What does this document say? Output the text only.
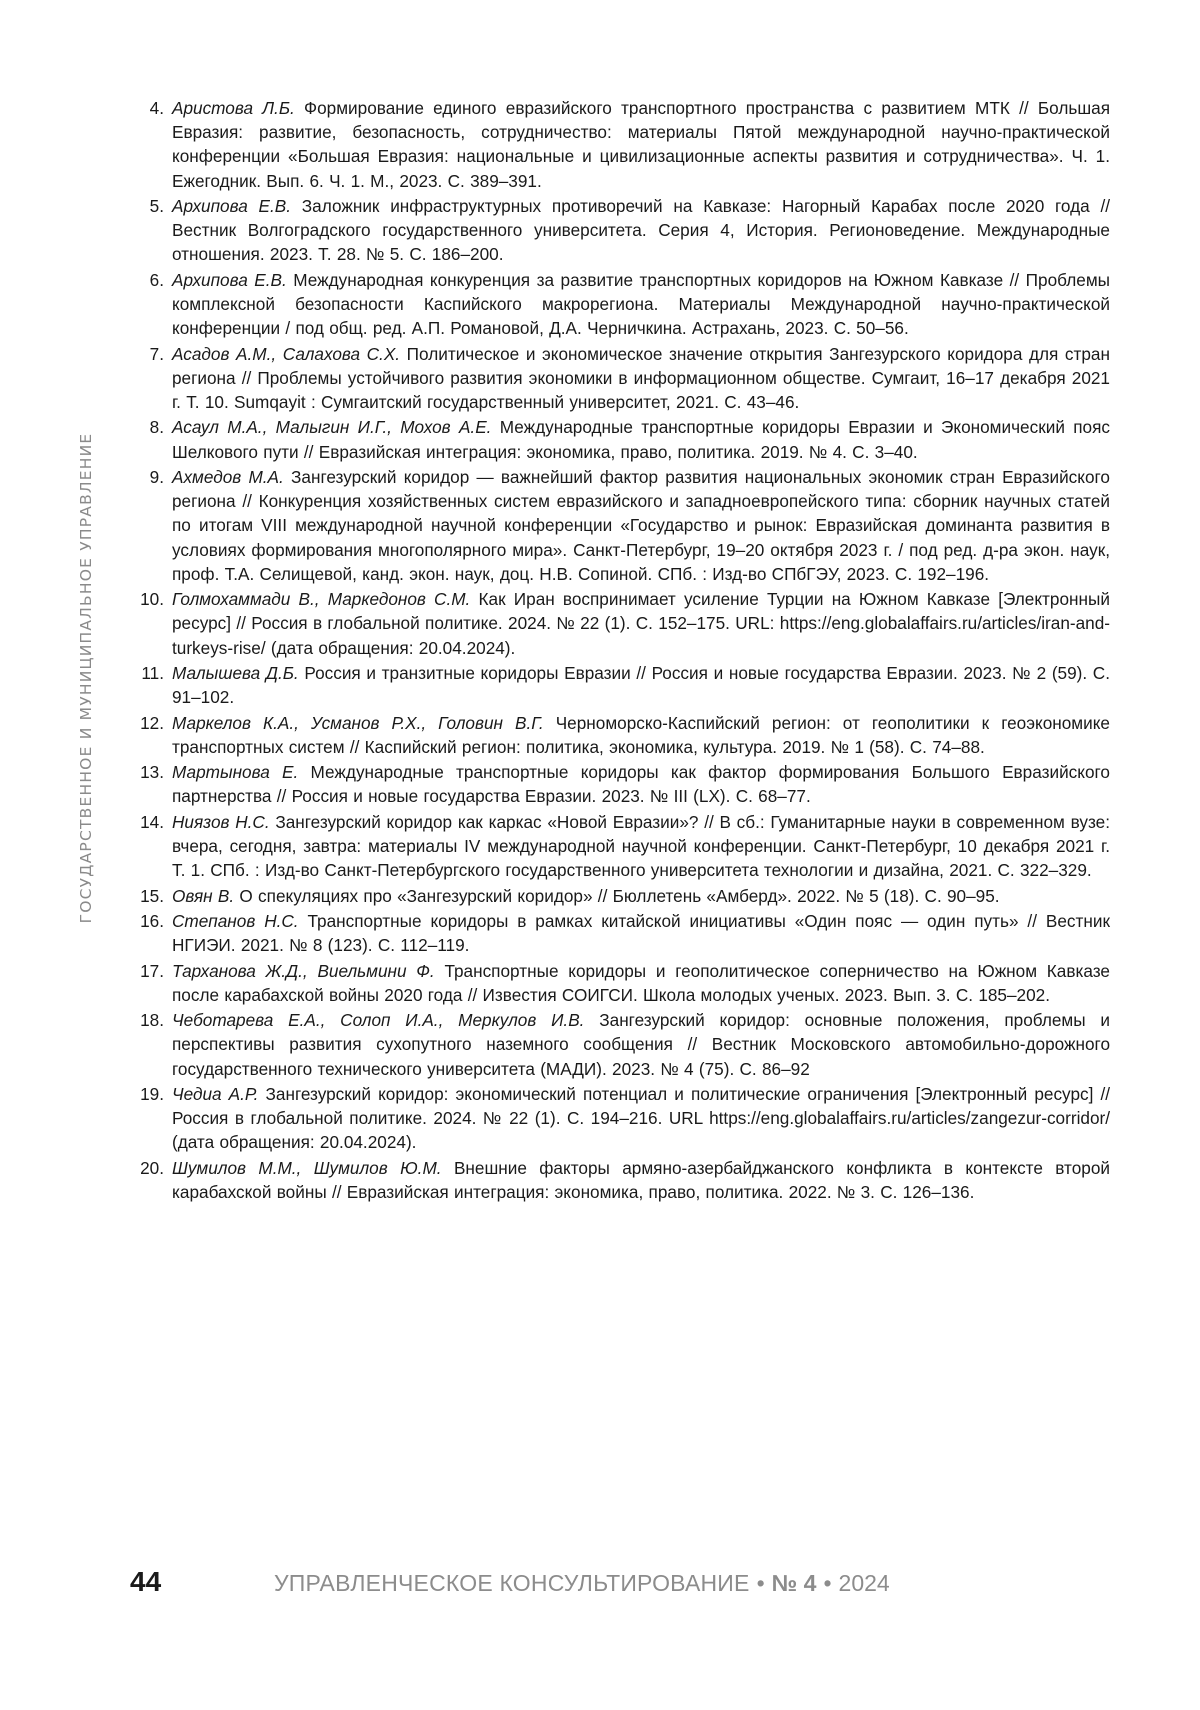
ГОСУДАРСТВЕННОЕ И МУНИЦИПАЛЬНОЕ УПРАВЛЕНИЕ
4. Аристова Л.Б. Формирование единого евразийского транспортного пространства с развитием МТК // Большая Евразия: развитие, безопасность, сотрудничество: материалы Пятой международной научно-практической конференции «Большая Евразия: национальные и цивилизационные аспекты развития и сотрудничества». Ч. 1. Ежегодник. Вып. 6. Ч. 1. М., 2023. С. 389–391.
5. Архипова Е.В. Заложник инфраструктурных противоречий на Кавказе: Нагорный Карабах после 2020 года // Вестник Волгоградского государственного университета. Серия 4, История. Регионоведение. Международные отношения. 2023. Т. 28. № 5. С. 186–200.
6. Архипова Е.В. Международная конкуренция за развитие транспортных коридоров на Южном Кавказе // Проблемы комплексной безопасности Каспийского макрорегиона. Материалы Международной научно-практической конференции / под общ. ред. А.П. Романовой, Д.А. Черничкина. Астрахань, 2023. С. 50–56.
7. Асадов А.М., Салахова С.Х. Политическое и экономическое значение открытия Зангезурского коридора для стран региона // Проблемы устойчивого развития экономики в информационном обществе. Сумгаит, 16–17 декабря 2021 г. Т. 10. Sumqayit : Сумгаитский государственный университет, 2021. С. 43–46.
8. Асаул М.А., Малыгин И.Г., Мохов А.Е. Международные транспортные коридоры Евразии и Экономический пояс Шелкового пути // Евразийская интеграция: экономика, право, политика. 2019. № 4. С. 3–40.
9. Ахмедов М.А. Зангезурский коридор — важнейший фактор развития национальных экономик стран Евразийского региона // Конкуренция хозяйственных систем евразийского и западноевропейского типа: сборник научных статей по итогам VIII международной научной конференции «Государство и рынок: Евразийская доминанта развития в условиях формирования многополярного мира». Санкт-Петербург, 19–20 октября 2023 г. / под ред. д-ра экон. наук, проф. Т.А. Селищевой, канд. экон. наук, доц. Н.В. Сопиной. СПб. : Изд-во СПбГЭУ, 2023. С. 192–196.
10. Голмохаммади В., Маркедонов С.М. Как Иран воспринимает усиление Турции на Южном Кавказе [Электронный ресурс] // Россия в глобальной политике. 2024. № 22 (1). С. 152–175. URL: https://eng.globalaffairs.ru/articles/iran-and-turkeys-rise/ (дата обращения: 20.04.2024).
11. Малышева Д.Б. Россия и транзитные коридоры Евразии // Россия и новые государства Евразии. 2023. № 2 (59). С. 91–102.
12. Маркелов К.А., Усманов Р.Х., Головин В.Г. Черноморско-Каспийский регион: от геополитики к геоэкономике транспортных систем // Каспийский регион: политика, экономика, культура. 2019. № 1 (58). С. 74–88.
13. Мартынова Е. Международные транспортные коридоры как фактор формирования Большого Евразийского партнерства // Россия и новые государства Евразии. 2023. № III (LX). С. 68–77.
14. Ниязов Н.С. Зангезурский коридор как каркас «Новой Евразии»? // В сб.: Гуманитарные науки в современном вузе: вчера, сегодня, завтра: материалы IV международной научной конференции. Санкт-Петербург, 10 декабря 2021 г. Т. 1. СПб. : Изд-во Санкт-Петербургского государственного университета технологии и дизайна, 2021. С. 322–329.
15. Овян В. О спекуляциях про «Зангезурский коридор» // Бюллетень «Амберд». 2022. № 5 (18). С. 90–95.
16. Степанов Н.С. Транспортные коридоры в рамках китайской инициативы «Один пояс — один путь» // Вестник НГИЭИ. 2021. № 8 (123). С. 112–119.
17. Тарханова Ж.Д., Виельмини Ф. Транспортные коридоры и геополитическое соперничество на Южном Кавказе после карабахской войны 2020 года // Известия СОИГСИ. Школа молодых ученых. 2023. Вып. 3. С. 185–202.
18. Чеботарева Е.А., Солоп И.А., Меркулов И.В. Зангезурский коридор: основные положения, проблемы и перспективы развития сухопутного наземного сообщения // Вестник Московского автомобильно-дорожного государственного технического университета (МАДИ). 2023. № 4 (75). С. 86–92
19. Чедиа А.Р. Зангезурский коридор: экономический потенциал и политические ограничения [Электронный ресурс] // Россия в глобальной политике. 2024. № 22 (1). С. 194–216. URL https://eng.globalaffairs.ru/articles/zangezur-corridor/ (дата обращения: 20.04.2024).
20. Шумилов М.М., Шумилов Ю.М. Внешние факторы армяно-азербайджанского конфликта в контексте второй карабахской войны // Евразийская интеграция: экономика, право, политика. 2022. № 3. С. 126–136.
44	УПРАВЛЕНЧЕСКОЕ КОНСУЛЬТИРОВАНИЕ • № 4 • 2024
